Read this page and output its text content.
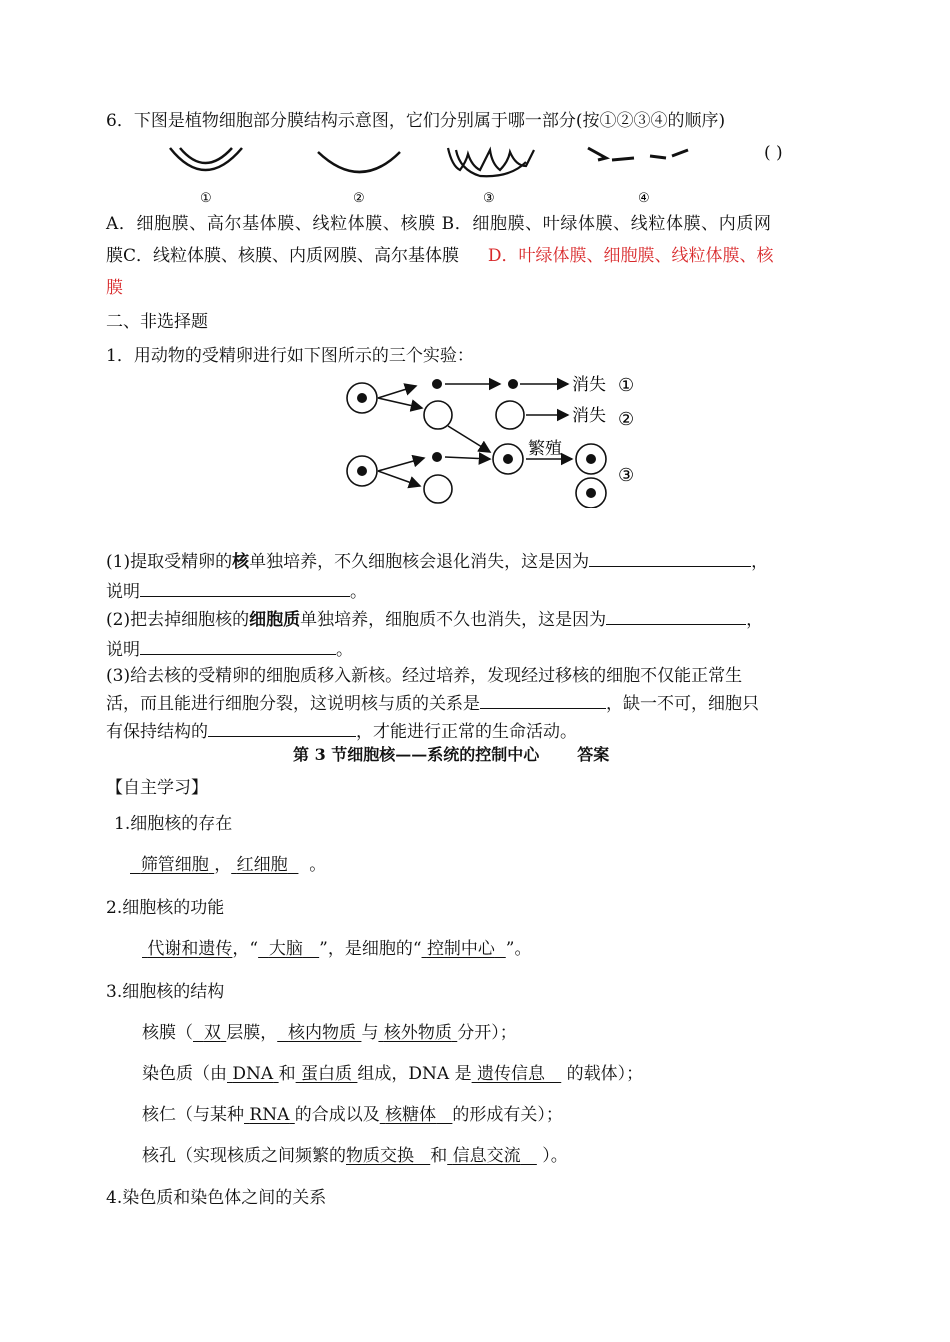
6．下图是植物细胞部分膜结构示意图，它们分别属于哪一部分(按①②③④的顺序)
①	②	③	④
( )
A．细胞膜、高尔基体膜、线粒体膜、核膜 B．细胞膜、叶绿体膜、线粒体膜、内质网
膜C．线粒体膜、核膜、内质网膜、高尔基体膜 D．叶绿体膜、细胞膜、线粒体膜、核
膜
二、非选择题
1．用动物的受精卵进行如下图所示的三个实验：
消失
消失
繁殖
①
②
③
(1)提取受精卵的核单独培养，不久细胞核会退化消失，这是因为	，
说明	。
(2)把去掉细胞核的细胞质单独培养，细胞质不久也消失，这是因为	，
说明	。
(3)给去核的受精卵的细胞质移入新核。经过培养，发现经过移核的细胞不仅能正常生
活，而且能进行细胞分裂，这说明核与质的关系是	，缺一不可，细胞只
有保持结构的	，才能进行正常的生命活动。
第 3 节细胞核——系统的控制中心 答案
【自主学习】
1.细胞核的存在
筛管细胞 ， 红细胞 。
2.细胞核的功能
代谢和遗传，“ 大脑 ”，是细胞的“ 控制中心 ”。
3.细胞核的结构
核膜（ 双 层膜， 核内物质 与 核外物质 分开）；
染色质（由 DNA 和 蛋白质 组成，DNA 是 遗传信息 的载体）；
核仁（与某种 RNA 的合成以及 核糖体 的形成有关）；
核孔（实现核质之间频繁的物质交换 和 信息交流 ）。
4.染色质和染色体之间的关系
